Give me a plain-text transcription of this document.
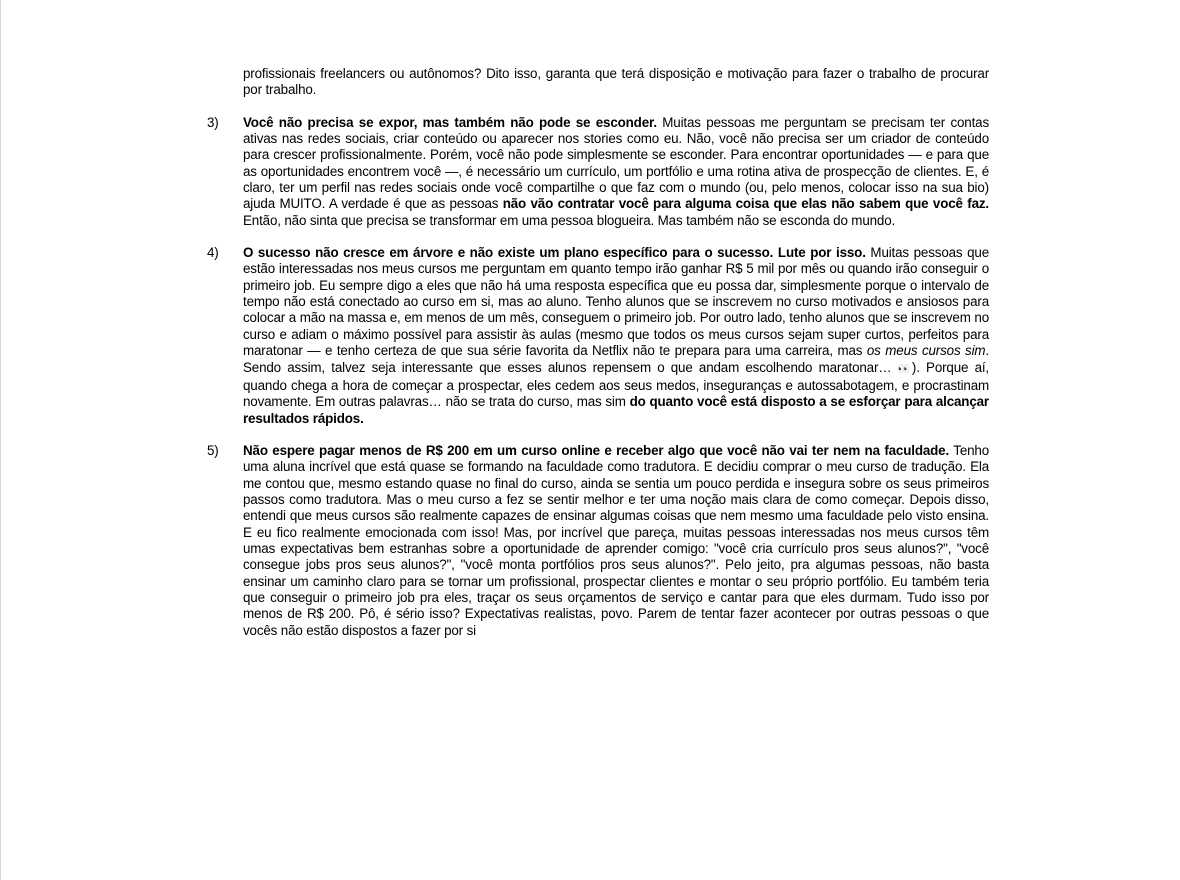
profissionais freelancers ou autônomos? Dito isso, garanta que terá disposição e motivação para fazer o trabalho de procurar por trabalho.
3)	Você não precisa se expor, mas também não pode se esconder. Muitas pessoas me perguntam se precisam ter contas ativas nas redes sociais, criar conteúdo ou aparecer nos stories como eu. Não, você não precisa ser um criador de conteúdo para crescer profissionalmente. Porém, você não pode simplesmente se esconder. Para encontrar oportunidades — e para que as oportunidades encontrem você —, é necessário um currículo, um portfólio e uma rotina ativa de prospecção de clientes. E, é claro, ter um perfil nas redes sociais onde você compartilhe o que faz com o mundo (ou, pelo menos, colocar isso na sua bio) ajuda MUITO. A verdade é que as pessoas não vão contratar você para alguma coisa que elas não sabem que você faz. Então, não sinta que precisa se transformar em uma pessoa blogueira. Mas também não se esconda do mundo.
4)	O sucesso não cresce em árvore e não existe um plano específico para o sucesso. Lute por isso. Muitas pessoas que estão interessadas nos meus cursos me perguntam em quanto tempo irão ganhar R$ 5 mil por mês ou quando irão conseguir o primeiro job. Eu sempre digo a eles que não há uma resposta específica que eu possa dar, simplesmente porque o intervalo de tempo não está conectado ao curso em si, mas ao aluno. Tenho alunos que se inscrevem no curso motivados e ansiosos para colocar a mão na massa e, em menos de um mês, conseguem o primeiro job. Por outro lado, tenho alunos que se inscrevem no curso e adiam o máximo possível para assistir às aulas (mesmo que todos os meus cursos sejam super curtos, perfeitos para maratonar — e tenho certeza de que sua série favorita da Netflix não te prepara para uma carreira, mas os meus cursos sim. Sendo assim, talvez seja interessante que esses alunos repensem o que andam escolhendo maratonar… 👀). Porque aí, quando chega a hora de começar a prospectar, eles cedem aos seus medos, inseguranças e autossabotagem, e procrastinam novamente. Em outras palavras… não se trata do curso, mas sim do quanto você está disposto a se esforçar para alcançar resultados rápidos.
5)	Não espere pagar menos de R$ 200 em um curso online e receber algo que você não vai ter nem na faculdade. Tenho uma aluna incrível que está quase se formando na faculdade como tradutora. E decidiu comprar o meu curso de tradução. Ela me contou que, mesmo estando quase no final do curso, ainda se sentia um pouco perdida e insegura sobre os seus primeiros passos como tradutora. Mas o meu curso a fez se sentir melhor e ter uma noção mais clara de como começar. Depois disso, entendi que meus cursos são realmente capazes de ensinar algumas coisas que nem mesmo uma faculdade pelo visto ensina. E eu fico realmente emocionada com isso! Mas, por incrível que pareça, muitas pessoas interessadas nos meus cursos têm umas expectativas bem estranhas sobre a oportunidade de aprender comigo: "você cria currículo pros seus alunos?", "você consegue jobs pros seus alunos?", "você monta portfólios pros seus alunos?". Pelo jeito, pra algumas pessoas, não basta ensinar um caminho claro para se tornar um profissional, prospectar clientes e montar o seu próprio portfólio. Eu também teria que conseguir o primeiro job pra eles, traçar os seus orçamentos de serviço e cantar para que eles durmam. Tudo isso por menos de R$ 200. Pô, é sério isso? Expectativas realistas, povo. Parem de tentar fazer acontecer por outras pessoas o que vocês não estão dispostos a fazer por si
